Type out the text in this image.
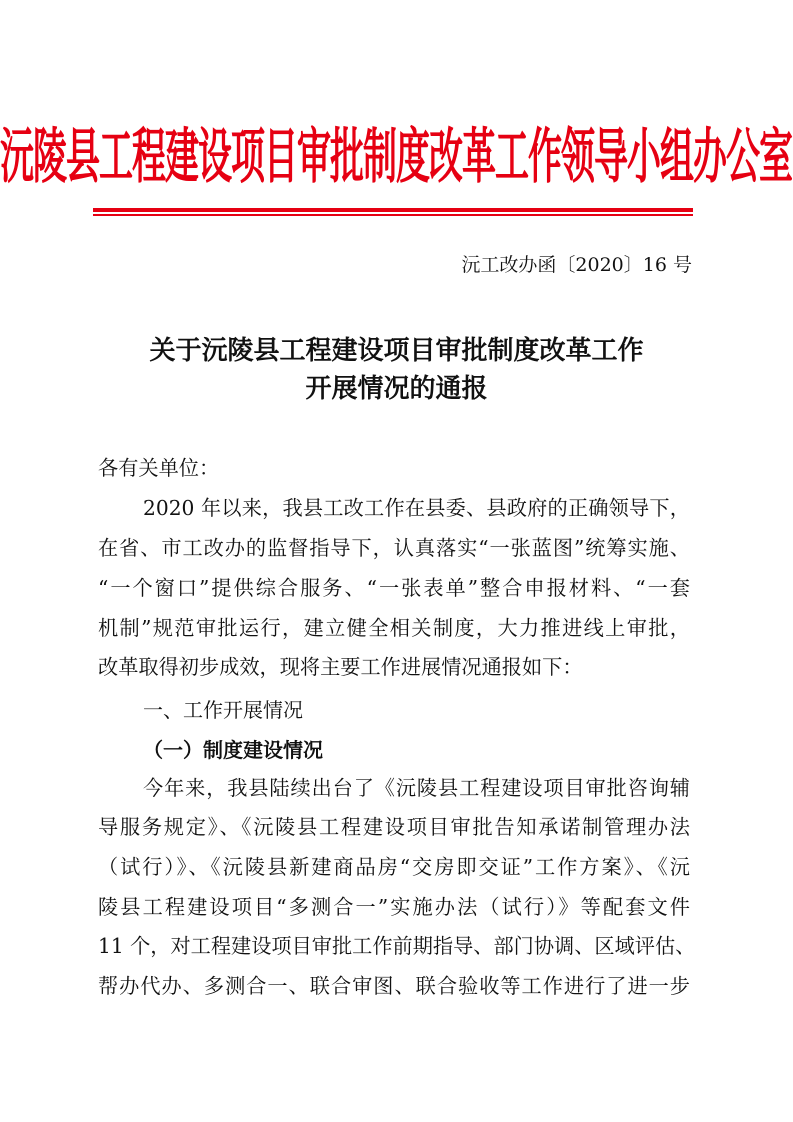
沅陵县工程建设项目审批制度改革工作领导小组办公室
沅工改办函〔2020〕16 号
关于沅陵县工程建设项目审批制度改革工作
开展情况的通报
各有关单位：
2020 年以来，我县工改工作在县委、县政府的正确领导下，
在省、市工改办的监督指导下，认真落实“一张蓝图”统筹实施、
“一个窗口”提供综合服务、“一张表单”整合申报材料、“一套
机制”规范审批运行，建立健全相关制度，大力推进线上审批，
改革取得初步成效，现将主要工作进展情况通报如下：
一、工作开展情况
（一）制度建设情况
今年来，我县陆续出台了《沅陵县工程建设项目审批咨询辅
导服务规定》、《沅陵县工程建设项目审批告知承诺制管理办法
（试行）》、《沅陵县新建商品房“交房即交证”工作方案》、《沅
陵县工程建设项目“多测合一”实施办法（试行）》等配套文件
11 个，对工程建设项目审批工作前期指导、部门协调、区域评估、
帮办代办、多测合一、联合审图、联合验收等工作进行了进一步
